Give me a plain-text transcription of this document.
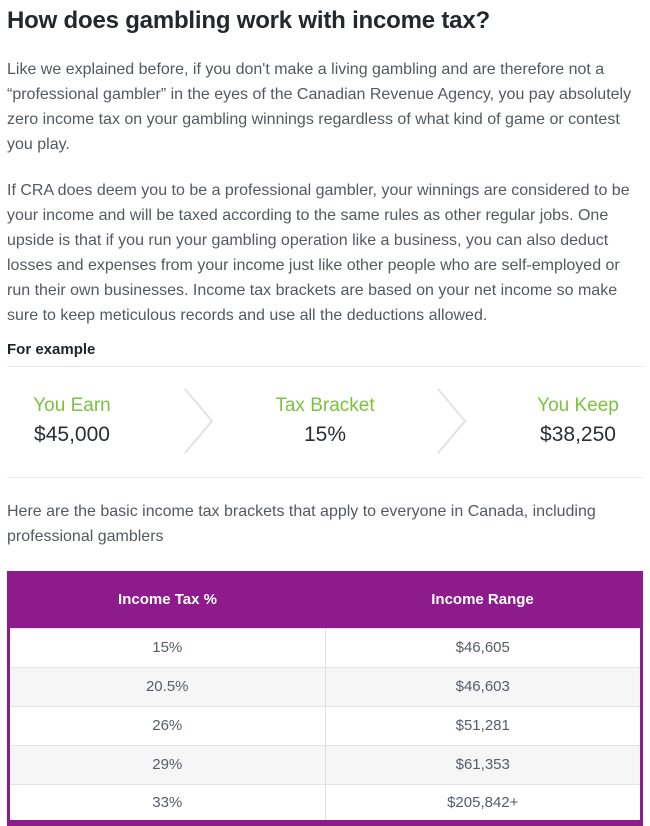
How does gambling work with income tax?

Like we explained before, if you don't make a living gambling and are therefore not a “professional gambler” in the eyes of the Canadian Revenue Agency, you pay absolutely zero income tax on your gambling winnings regardless of what kind of game or contest you play.

If CRA does deem you to be a professional gambler, your winnings are considered to be your income and will be taxed according to the same rules as other regular jobs. One upside is that if you run your gambling operation like a business, you can also deduct losses and expenses from your income just like other people who are self-employed or run their own businesses. Income tax brackets are based on your net income so make sure to keep meticulous records and use all the deductions allowed.

For example
You Earn
$45,000
Tax Bracket
15%
You Keep
$38,250

Here are the basic income tax brackets that apply to everyone in Canada, including professional gamblers

Income Tax %	Income Range
15%	$46,605
20.5%	$46,603
26%	$51,281
29%	$61,353
33%	$205,842+
